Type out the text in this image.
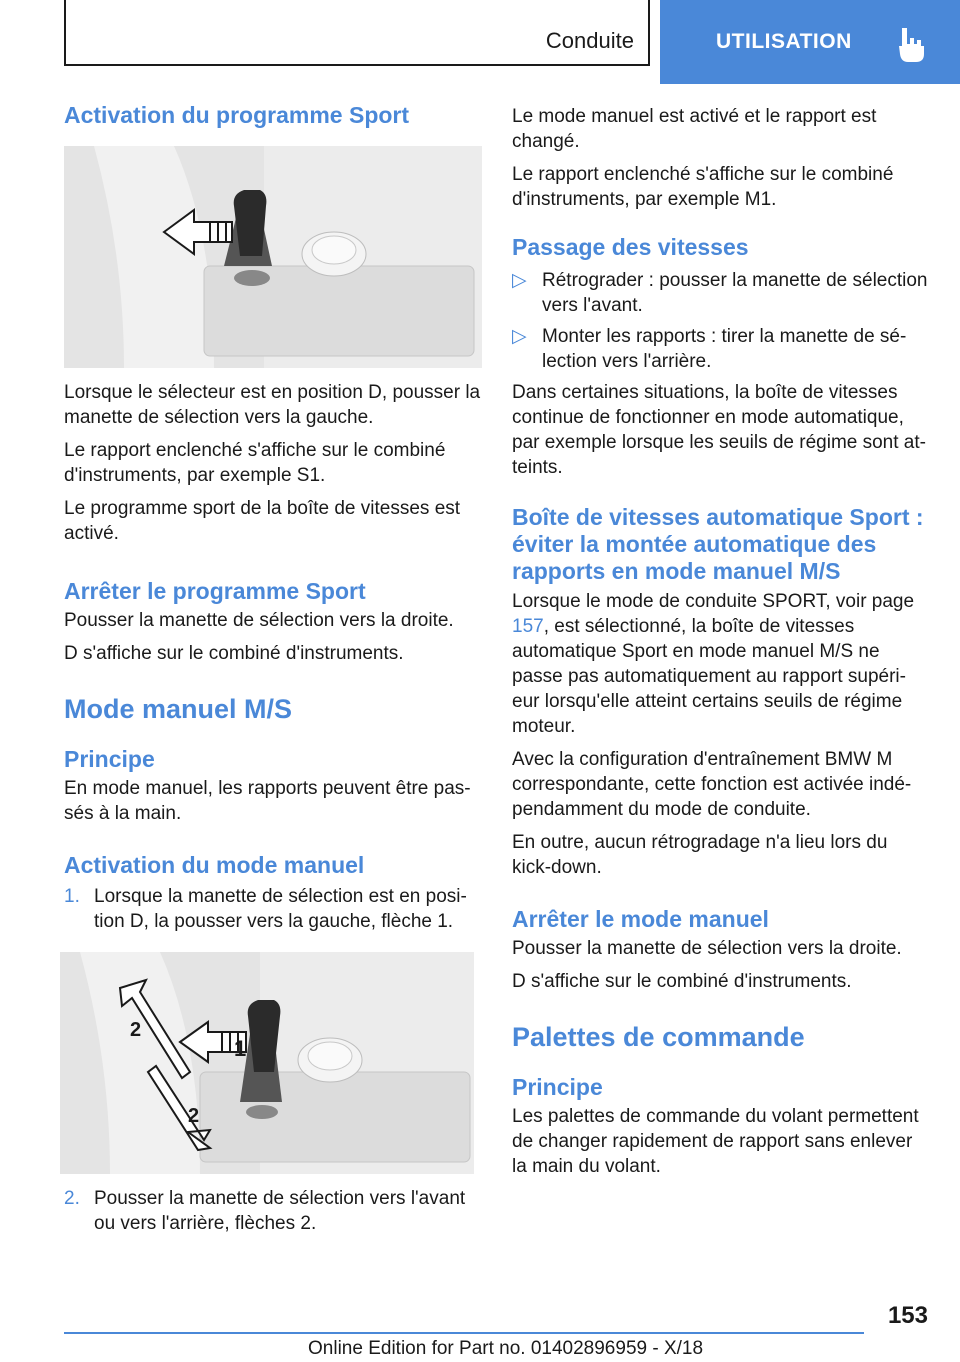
Conduite	UTILISATION
Activation du programme Sport
Lorsque le sélecteur est en position D, pousser la manette de sélection vers la gauche.
Le rapport enclenché s'affiche sur le combiné d'instruments, par exemple S1.
Le programme sport de la boîte de vitesses est activé.
Arrêter le programme Sport
Pousser la manette de sélection vers la droite.
D s'affiche sur le combiné d'instruments.
Mode manuel M/S
Principe
En mode manuel, les rapports peuvent être pas-sés à la main.
Activation du mode manuel
1. Lorsque la manette de sélection est en posi-tion D, la pousser vers la gauche, flèche 1.
1
2
2
2. Pousser la manette de sélection vers l'avant ou vers l'arrière, flèches 2.
Le mode manuel est activé et le rapport est changé.
Le rapport enclenché s'affiche sur le combiné d'instruments, par exemple M1.
Passage des vitesses
▷ Rétrograder : pousser la manette de sélection vers l'avant.
▷ Monter les rapports : tirer la manette de sé-lection vers l'arrière.
Dans certaines situations, la boîte de vitesses continue de fonctionner en mode automatique, par exemple lorsque les seuils de régime sont at-teints.
Boîte de vitesses automatique Sport : éviter la montée automatique des rapports en mode manuel M/S
Lorsque le mode de conduite SPORT, voir page 157, est sélectionné, la boîte de vitesses automatique Sport en mode manuel M/S ne passe pas automatiquement au rapport supéri-eur lorsqu'elle atteint certains seuils de régime moteur.
Avec la configuration d'entraînement BMW M correspondante, cette fonction est activée indé-pendamment du mode de conduite.
En outre, aucun rétrogradage n'a lieu lors du kick-down.
Arrêter le mode manuel
Pousser la manette de sélection vers la droite.
D s'affiche sur le combiné d'instruments.
Palettes de commande
Principe
Les palettes de commande du volant permettent de changer rapidement de rapport sans enlever la main du volant.
153
Online Edition for Part no. 01402896959 - X/18
